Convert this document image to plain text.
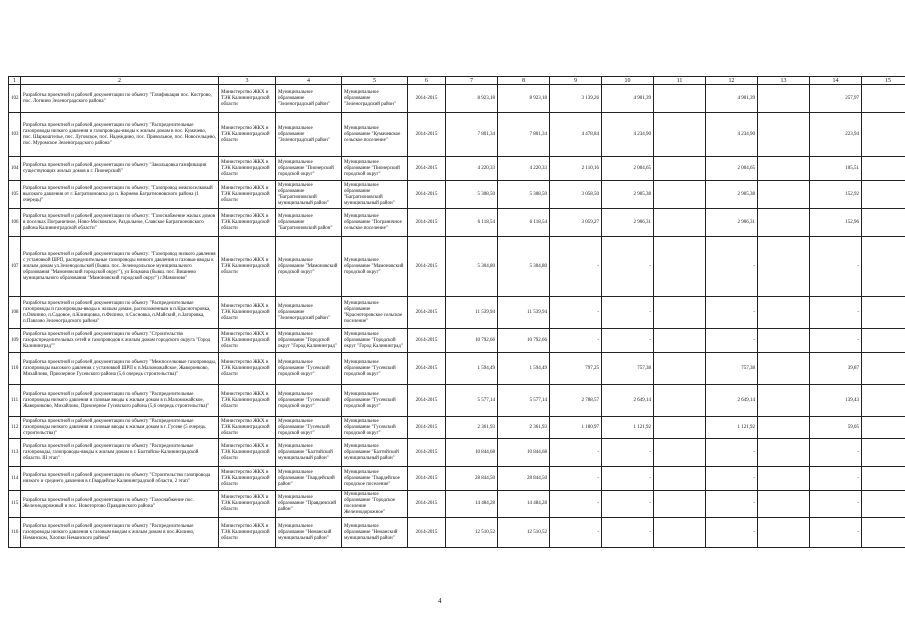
1	2	3	4	5	6	7	8	9	10	11	12	13	14	15
102	Разработка проектной и рабочей документации по объекту "Газификация пос. Кострово, пос. Логвино Зеленоградского района"	Министерство ЖКХ и ТЭК Калининградской области	Муниципальное образование "Зеленоградский район"	Муниципальное образование "Зеленоградский район"	2014-2015	8 923,18	8 923,18	3 139,26	4 901,39		4 901,39		257,97	
103	Разработка проектной и рабочей документации по объекту "Распределительные газопроводы низкого давления и газопроводы-вводы к жилым домам в пос. Кумачево, пос. Шаркоштелье, пос. Луговское, пос. Надеждино, пос. Привольное, пос. Новосельцево, пос. Муромское Зеленоградского района"	Министерство ЖКХ и ТЭК Калининградской области	Муниципальное образование "Зеленоградский район"	Муниципальное образование "Кумачевское сельское поселение"	2014-2015	7 801,34	7 801,34	4 478,84	4 234,90		4 234,90		223,94	
104	Разработка проектной и рабочей документации по объекту "Закольцовка газификации существующих жилых домов в г. Пионерский"	Министерство ЖКХ и ТЭК Калининградской области	Муниципальное образование "Пионерский городской округ"	Муниципальное образование "Пионерский городской округ"	2014-2015	4 220,33	4 220,33	2 110,16	2 004,65		2 004,65		105,51	
105	Разработка проектной и рабочей документации по объекту: "Газопровод межпоселковый высокого давления от г. Багратионовска до п. Корнево Багратионовского района (1 очередь)"	Министерство ЖКХ и ТЭК Калининградской области	Муниципальное образование "Багратионовский муниципальный район"	Муниципальное образование "Багратионовский муниципальный район"	2014-2015	5 308,50	5 308,50	3 058,50	2 905,38		2 905,38		152,92	
106	Разработка проектной и рабочей документации по объекту: "Газоснабжение жилых домов в поселках Пограничное, Ново-Московское, Раздольное, Славское Багратионовского района Калининградской области"	Министерство ЖКХ и ТЭК Калининградской области	Муниципальное образование "Багратионовский район"	Муниципальное образование "Пограничное сельское поселение"	2014-2015	6 118,54	6 118,54	3 059,27	2 906,31		2 906,31		152,96	
107	Разработка проектной и рабочей документации по объекту: "Газопровод низкого давления с установкой ШРП, распределительные газопроводы низкого давления и газовые вводы к жилым домам ул.Зеленодольской (бывш. пос. Зеленодольское муниципального образования "Мамоновский городской округ"), ул Боцмана (бывш. пос. Вишнево муниципального образования "Мамоновский городской округ") г.Мамоново"	Министерство ЖКХ и ТЭК Калининградской области	Муниципальное образование "Мамоновский городской округ"	Муниципальное образование "Мамоновский городской округ"	2014-2015	5 304,80	5 304,80	-	-		-		-	
108	Разработка проектной и рабочей документации по объекту "Распределительные газопроводы и газопроводы-вводы к жилым домам, расположенным в п.Красноторовка, п.Овчинно, п.Садовое, п.Клинцовка, п.Филино, п.Сосновка, п.Майский, п.Заторовка, п.Павлово Зеленоградского района"	Министерство ЖКХ и ТЭК Калининградской области	Муниципальное образование "Зеленоградский район"	Муниципальное образование "Красноторовское сельское поселение"	2014-2015	11 539,94	11 539,94	-	-		-		-	
109	Разработка проектной и рабочей документации по объекту "Строительство газораспределительных сетей и газопроводов к жилым домам городского округа "Город Калининград""	Министерство ЖКХ и ТЭК Калининградской области	Муниципальное образование "Городской округ "Город Калининград"	Муниципальное образование "Городской округ "Город Калининград"	2014-2015	10 792,66	10 792,66	-	-		-		-	
110	Разработка проектной и рабочей документации по объекту "Межпоселковые газопроводы, газопроводы высокого давления с установкой ШРП к п.Маломожайское, Жаворонково, Михайлово, Приозерное Гусевского района (5,6 очередь строительства)"	Министерство ЖКХ и ТЭК Калининградской области	Муниципальное образование "Гусевский городской округ"	Муниципальное образование "Гусевский городской округ"	2014-2015	1 594,49	1 594,49	797,25	757,38		757,38		39,87	
111	Разработка проектной и рабочей документации по объекту "Распределительные газопроводы низкого давления и газовые вводы к жилым домам в п.Маломожайское, Жаворонково, Михайлово, Приозерное Гусевского района (5,6 очередь строительства)"	Министерство ЖКХ и ТЭК Калининградской области	Муниципальное образование "Гусевский городской округ"	Муниципальное образование "Гусевский городской округ"	2014-2015	5 577,14	5 577,14	2 788,57	2 649,14		2 649,14		139,43	
112	Разработка проектной и рабочей документации по объекту "Распределительные газопроводы низкого давления и газовые вводы к жилым домам в г. Гусеве (5 очередь строительства)"	Министерство ЖКХ и ТЭК Калининградской области	Муниципальное образование "Гусевский городской округ"	Муниципальное образование "Гусевский городской округ"	2014-2015	2 361,93	2 361,93	1 180,97	1 121,92		1 121,92		59,05	
113	Разработка проектной и рабочей документации по объекту "Распределительные газопроводы, газопроводы-вводы к жилым домам в г. Балтийске Калининградской области. III этап"	Министерство ЖКХ и ТЭК Калининградской области	Муниципальное образование "Балтийский муниципальный район"	Муниципальное образование "Балтийский муниципальный район"	2014-2015	10 844,68	10 844,68	-	-		-		-	
114	Разработка проектной и рабочей документации по объекту "Строительство газопровода низкого и среднего давления в г.Гвардейске Калининградской области, 2 этап"	Министерство ЖКХ и ТЭК Калининградской области	Муниципальное образование "Гвардейский район"	Муниципальное образование "Гвардейское городское поселение"	2014-2015	28 844,50	28 844,50	-	-		-		-	
115	Разработка проектной и рабочей документации по объекту "Газоснабжение пос. Железнодорожный и пос. Новоторгово Правдинского района"	Министерство ЖКХ и ТЭК Калининградской области	Муниципальное образование "Правдинский район"	Муниципальное образование "Городское поселение Железнодорожное"	2014-2015	14 484,28	14 484,28	-	-		-		-	
116	Разработка проектной и рабочей документации по объекту "Распределительные газопроводы низкого давления к газовым вводам к жилым домам в пос.Жилино, Неманском, Хлопки Неманского района"	Министерство ЖКХ и ТЭК Калининградской области	Муниципальное образование "Неманский муниципальный район"	Муниципальное образование "Неманский муниципальный район"	2014-2015	12 510,52	12 510,52	-	-		-		-	
4
